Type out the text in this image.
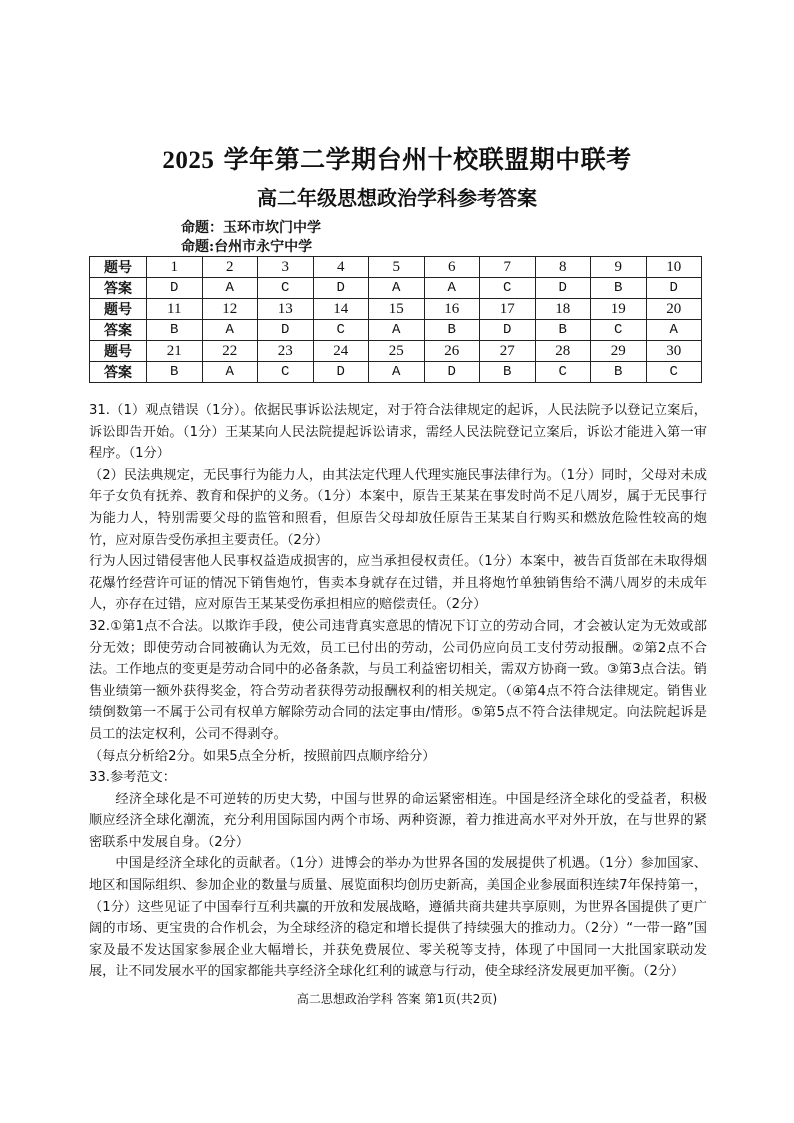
2025 学年第二学期台州十校联盟期中联考
高二年级思想政治学科参考答案
命题：玉环市坎门中学
命题:台州市永宁中学
题号	1	2	3	4	5	6	7	8	9	10
答案	D	A	C	D	A	A	C	D	B	D
题号	11	12	13	14	15	16	17	18	19	20
答案	B	A	D	C	A	B	D	B	C	A
题号	21	22	23	24	25	26	27	28	29	30
答案	B	A	C	D	A	D	B	C	B	C

31.（1）观点错误（1分）。依据民事诉讼法规定，对于符合法律规定的起诉，人民法院予以登记立案后，诉讼即告开始。（1分）王某某向人民法院提起诉讼请求，需经人民法院登记立案后，诉讼才能进入第一审程序。（1分）

（2）民法典规定，无民事行为能力人，由其法定代理人代理实施民事法律行为。（1分）同时，父母对未成年子女负有抚养、教育和保护的义务。（1分）本案中，原告王某某在事发时尚不足八周岁，属于无民事行为能力人，特别需要父母的监管和照看，但原告父母却放任原告王某某自行购买和燃放危险性较高的炮竹，应对原告受伤承担主要责任。（2分）

行为人因过错侵害他人民事权益造成损害的，应当承担侵权责任。（1分）本案中，被告百货部在未取得烟花爆竹经营许可证的情况下销售炮竹，售卖本身就存在过错，并且将炮竹单独销售给不满八周岁的未成年人，亦存在过错，应对原告王某某受伤承担相应的赔偿责任。（2分）

32.①第1点不合法。以欺诈手段，使公司违背真实意思的情况下订立的劳动合同，才会被认定为无效或部分无效；即使劳动合同被确认为无效，员工已付出的劳动，公司仍应向员工支付劳动报酬。②第2点不合法。工作地点的变更是劳动合同中的必备条款，与员工利益密切相关，需双方协商一致。③第3点合法。销售业绩第一额外获得奖金，符合劳动者获得劳动报酬权利的相关规定。（④第4点不符合法律规定。销售业绩倒数第一不属于公司有权单方解除劳动合同的法定事由/情形。⑤第5点不符合法律规定。向法院起诉是员工的法定权利，公司不得剥夺。

（每点分析给2分。如果5点全分析，按照前四点顺序给分）

33.参考范文：

经济全球化是不可逆转的历史大势，中国与世界的命运紧密相连。中国是经济全球化的受益者，积极顺应经济全球化潮流，充分利用国际国内两个市场、两种资源，着力推进高水平对外开放，在与世界的紧密联系中发展自身。（2分）

中国是经济全球化的贡献者。（1分）进博会的举办为世界各国的发展提供了机遇。（1分）参加国家、地区和国际组织、参加企业的数量与质量、展览面积均创历史新高，美国企业参展面积连续7年保持第一，（1分）这些见证了中国奉行互利共赢的开放和发展战略，遵循共商共建共享原则，为世界各国提供了更广阔的市场、更宝贵的合作机会，为全球经济的稳定和增长提供了持续强大的推动力。（2分）“一带一路”国家及最不发达国家参展企业大幅增长，并获免费展位、零关税等支持，体现了中国同一大批国家联动发展，让不同发展水平的国家都能共享经济全球化红利的诚意与行动，使全球经济发展更加平衡。（2分）

高二思想政治学科 答案 第1页(共2页)
